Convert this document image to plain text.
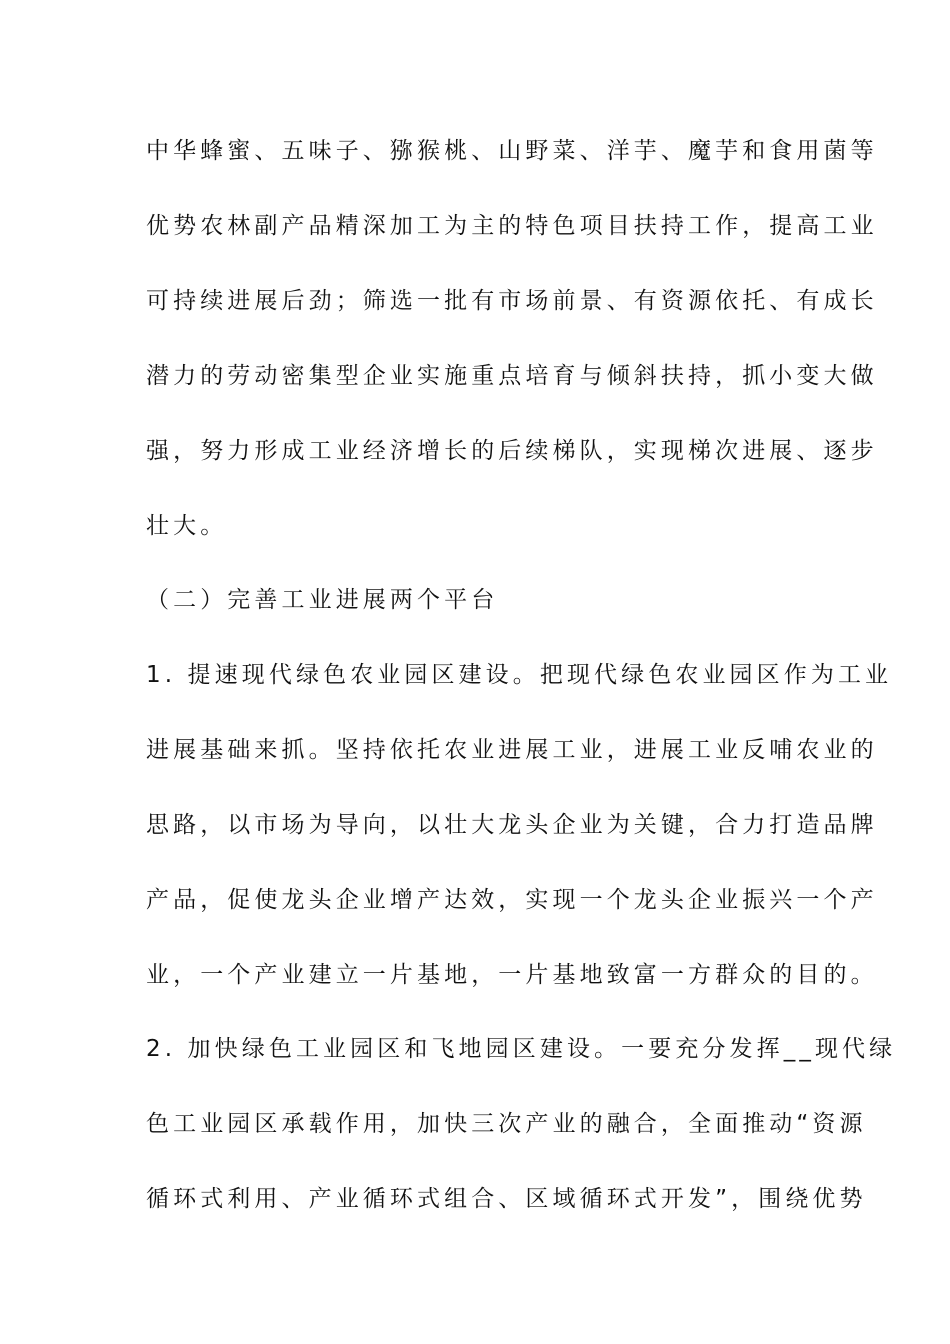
中华蜂蜜、五味子、猕猴桃、山野菜、洋芋、魔芋和食用菌等
优势农林副产品精深加工为主的特色项目扶持工作，提高工业
可持续进展后劲；筛选一批有市场前景、有资源依托、有成长
潜力的劳动密集型企业实施重点培育与倾斜扶持，抓小变大做
强，努力形成工业经济增长的后续梯队，实现梯次进展、逐步
壮大。
（二）完善工业进展两个平台
1. 提速现代绿色农业园区建设。把现代绿色农业园区作为工业
进展基础来抓。坚持依托农业进展工业，进展工业反哺农业的
思路，以市场为导向，以壮大龙头企业为关键，合力打造品牌
产品，促使龙头企业增产达效，实现一个龙头企业振兴一个产
业，一个产业建立一片基地，一片基地致富一方群众的目的。
2. 加快绿色工业园区和飞地园区建设。一要充分发挥__现代绿
色工业园区承载作用，加快三次产业的融合，全面推动“资源
循环式利用、产业循环式组合、区域循环式开发”，围绕优势
